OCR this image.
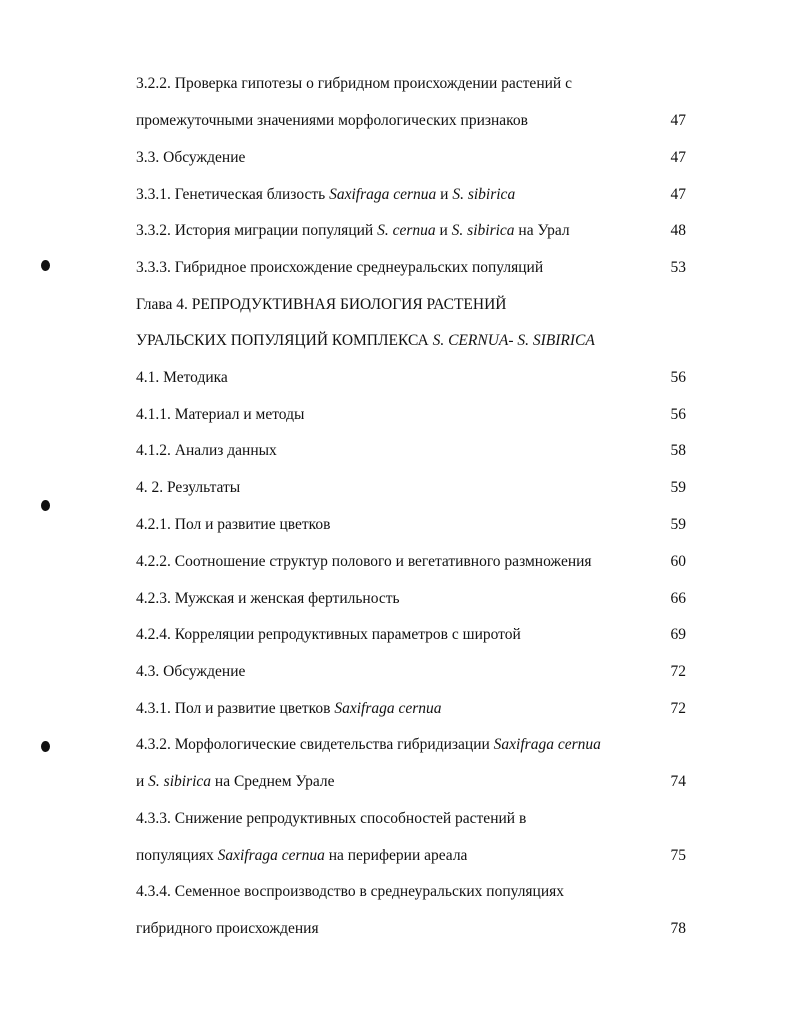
3.2.2. Проверка гипотезы о гибридном происхождении растений с
промежуточными значениями морфологических признаков	47
3.3. Обсуждение	47
3.3.1. Генетическая близость Saxifraga cernua и S. sibirica	47
3.3.2. История миграции популяций S. cernua и S. sibirica на Урал	48
3.3.3. Гибридное происхождение среднеуральских популяций	53
Глава 4. РЕПРОДУКТИВНАЯ БИОЛОГИЯ РАСТЕНИЙ
УРАЛЬСКИХ ПОПУЛЯЦИЙ КОМПЛЕКСА S. CERNUA- S. SIBIRICA
4.1. Методика	56
4.1.1. Материал и методы	56
4.1.2. Анализ данных	58
4. 2. Результаты	59
4.2.1. Пол и развитие цветков	59
4.2.2. Соотношение структур полового и вегетативного размножения	60
4.2.3. Мужская и женская фертильность	66
4.2.4. Корреляции репродуктивных параметров с широтой	69
4.3. Обсуждение	72
4.3.1. Пол и развитие цветков Saxifraga cernua	72
4.3.2. Морфологические свидетельства гибридизации Saxifraga cernua
и S. sibirica на Среднем Урале	74
4.3.3. Снижение репродуктивных способностей растений в
популяциях Saxifraga cernua на периферии ареала	75
4.3.4. Семенное воспроизводство в среднеуральских популяциях
гибридного происхождения	78
